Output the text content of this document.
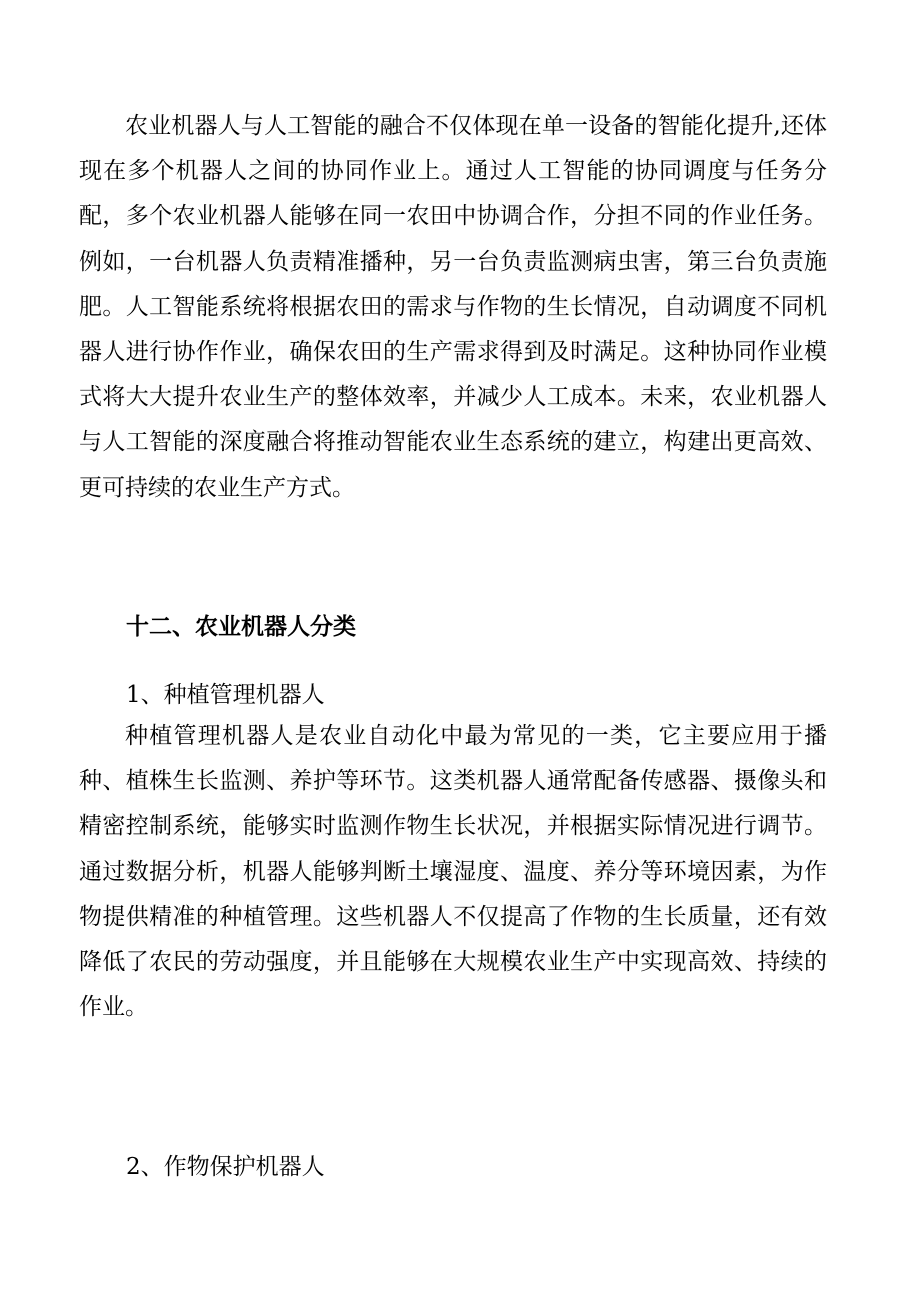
农业机器人与人工智能的融合不仅体现在单一设备的智能化提升,还体现在多个机器人之间的协同作业上。通过人工智能的协同调度与任务分配，多个农业机器人能够在同一农田中协调合作，分担不同的作业任务。例如，一台机器人负责精准播种，另一台负责监测病虫害，第三台负责施肥。人工智能系统将根据农田的需求与作物的生长情况，自动调度不同机器人进行协作作业，确保农田的生产需求得到及时满足。这种协同作业模式将大大提升农业生产的整体效率，并减少人工成本。未来，农业机器人与人工智能的深度融合将推动智能农业生态系统的建立，构建出更高效、更可持续的农业生产方式。

十二、农业机器人分类

1、种植管理机器人

种植管理机器人是农业自动化中最为常见的一类，它主要应用于播种、植株生长监测、养护等环节。这类机器人通常配备传感器、摄像头和精密控制系统，能够实时监测作物生长状况，并根据实际情况进行调节。通过数据分析，机器人能够判断土壤湿度、温度、养分等环境因素，为作物提供精准的种植管理。这些机器人不仅提高了作物的生长质量，还有效降低了农民的劳动强度，并且能够在大规模农业生产中实现高效、持续的作业。

2、作物保护机器人
